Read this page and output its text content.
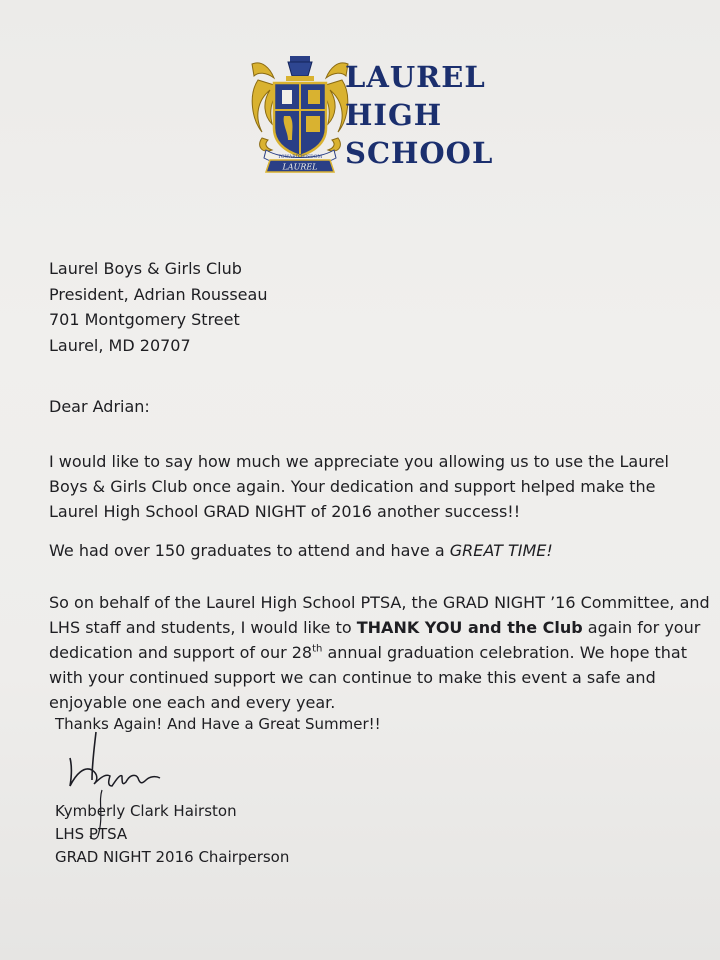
TOWARD WISDOM
LAUREL
LAUREL
HIGH
SCHOOL
Laurel Boys & Girls Club
President, Adrian Rousseau
701 Montgomery Street
Laurel, MD 20707
Dear Adrian:
I would like to say how much we appreciate you allowing us to use the Laurel
Boys & Girls Club once again. Your dedication and support helped make the
Laurel High School GRAD NIGHT of 2016 another success!!
We had over 150 graduates to attend and have a GREAT TIME!
So on behalf of the Laurel High School PTSA, the GRAD NIGHT ’16 Committee, and
LHS staff and students, I would like to THANK YOU and the Club again for your
dedication and support of our 28th annual graduation celebration. We hope that
with your continued support we can continue to make this event a safe and
enjoyable one each and every year.
Thanks Again! And Have a Great Summer!!
Kymberly Clark Hairston
LHS PTSA
GRAD NIGHT 2016 Chairperson
